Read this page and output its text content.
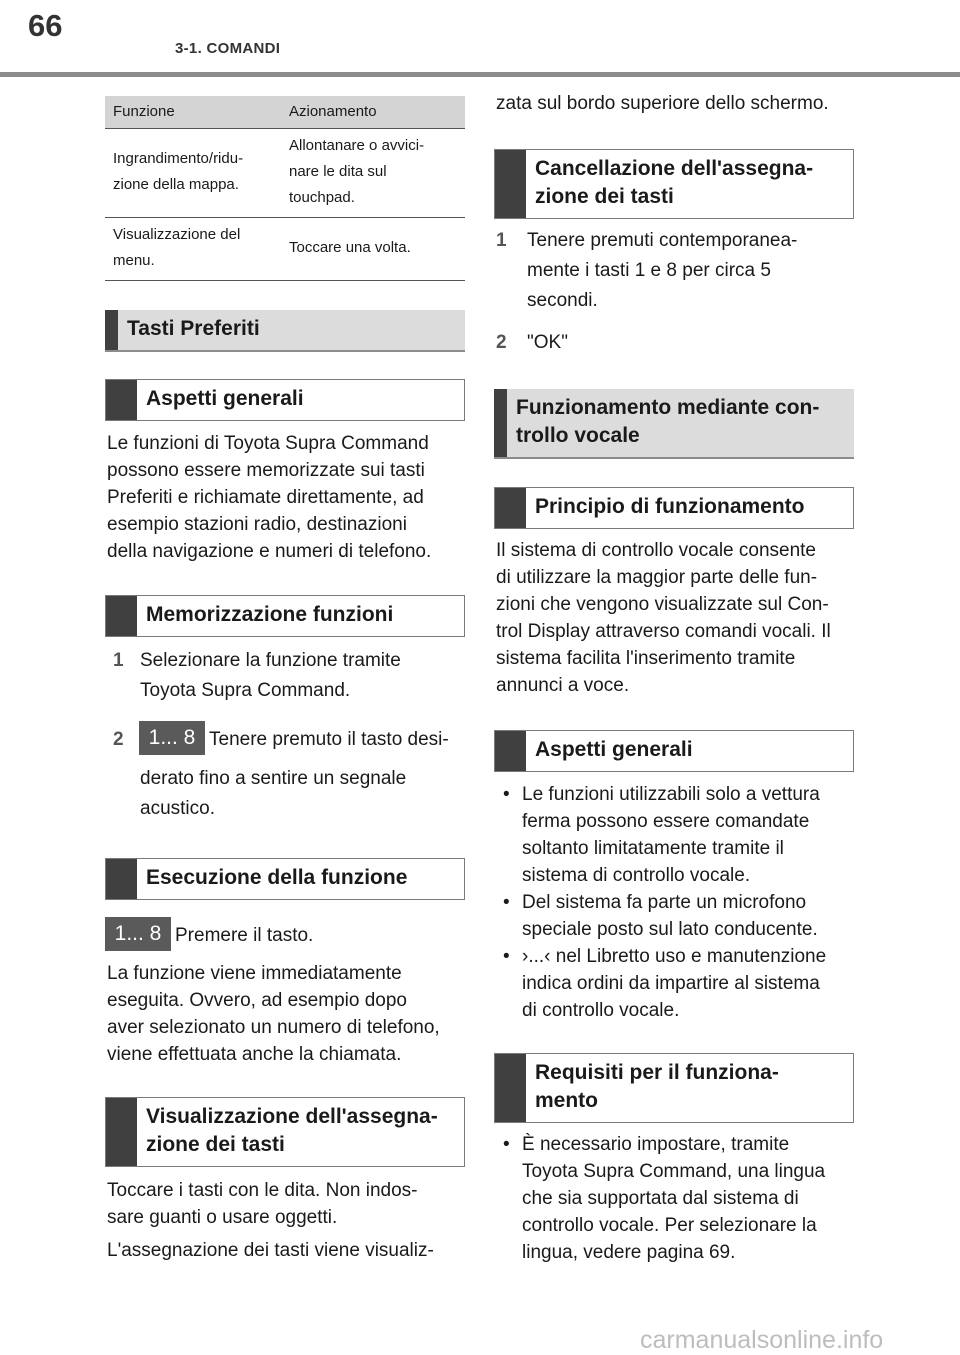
66
3-1. COMANDI
Funzione	Azionamento
Ingrandimento/ridu-
zione della mappa.
Allontanare o avvici-
nare le dita sul
touchpad.
Visualizzazione del
menu.
Toccare una volta.
Tasti Preferiti
Aspetti generali
Le funzioni di Toyota Supra Command
possono essere memorizzate sui tasti
Preferiti e richiamate direttamente, ad
esempio stazioni radio, destinazioni
della navigazione e numeri di telefono.
Memorizzazione funzioni
1 Selezionare la funzione tramite
Toyota Supra Command.
2	1... 8 Tenere premuto il tasto desi-
derato fino a sentire un segnale
acustico.
Esecuzione della funzione
1... 8 Premere il tasto.
La funzione viene immediatamente
eseguita. Ovvero, ad esempio dopo
aver selezionato un numero di telefono,
viene effettuata anche la chiamata.
Visualizzazione dell'assegna-
zione dei tasti
Toccare i tasti con le dita. Non indos-
sare guanti o usare oggetti.
L'assegnazione dei tasti viene visualiz-
zata sul bordo superiore dello schermo.
Cancellazione dell'assegna-
zione dei tasti
1 Tenere premuti contemporanea-
mente i tasti 1 e 8 per circa 5
secondi.
2 "OK"
Funzionamento mediante con-
trollo vocale
Principio di funzionamento
Il sistema di controllo vocale consente
di utilizzare la maggior parte delle fun-
zioni che vengono visualizzate sul Con-
trol Display attraverso comandi vocali. Il
sistema facilita l'inserimento tramite
annunci a voce.
Aspetti generali
• Le funzioni utilizzabili solo a vettura
ferma possono essere comandate
soltanto limitatamente tramite il
sistema di controllo vocale.
• Del sistema fa parte un microfono
speciale posto sul lato conducente.
• ›...‹ nel Libretto uso e manutenzione
indica ordini da impartire al sistema
di controllo vocale.
Requisiti per il funziona-
mento
• È necessario impostare, tramite
Toyota Supra Command, una lingua
che sia supportata dal sistema di
controllo vocale. Per selezionare la
lingua, vedere pagina 69.
carmanualsonline.info
